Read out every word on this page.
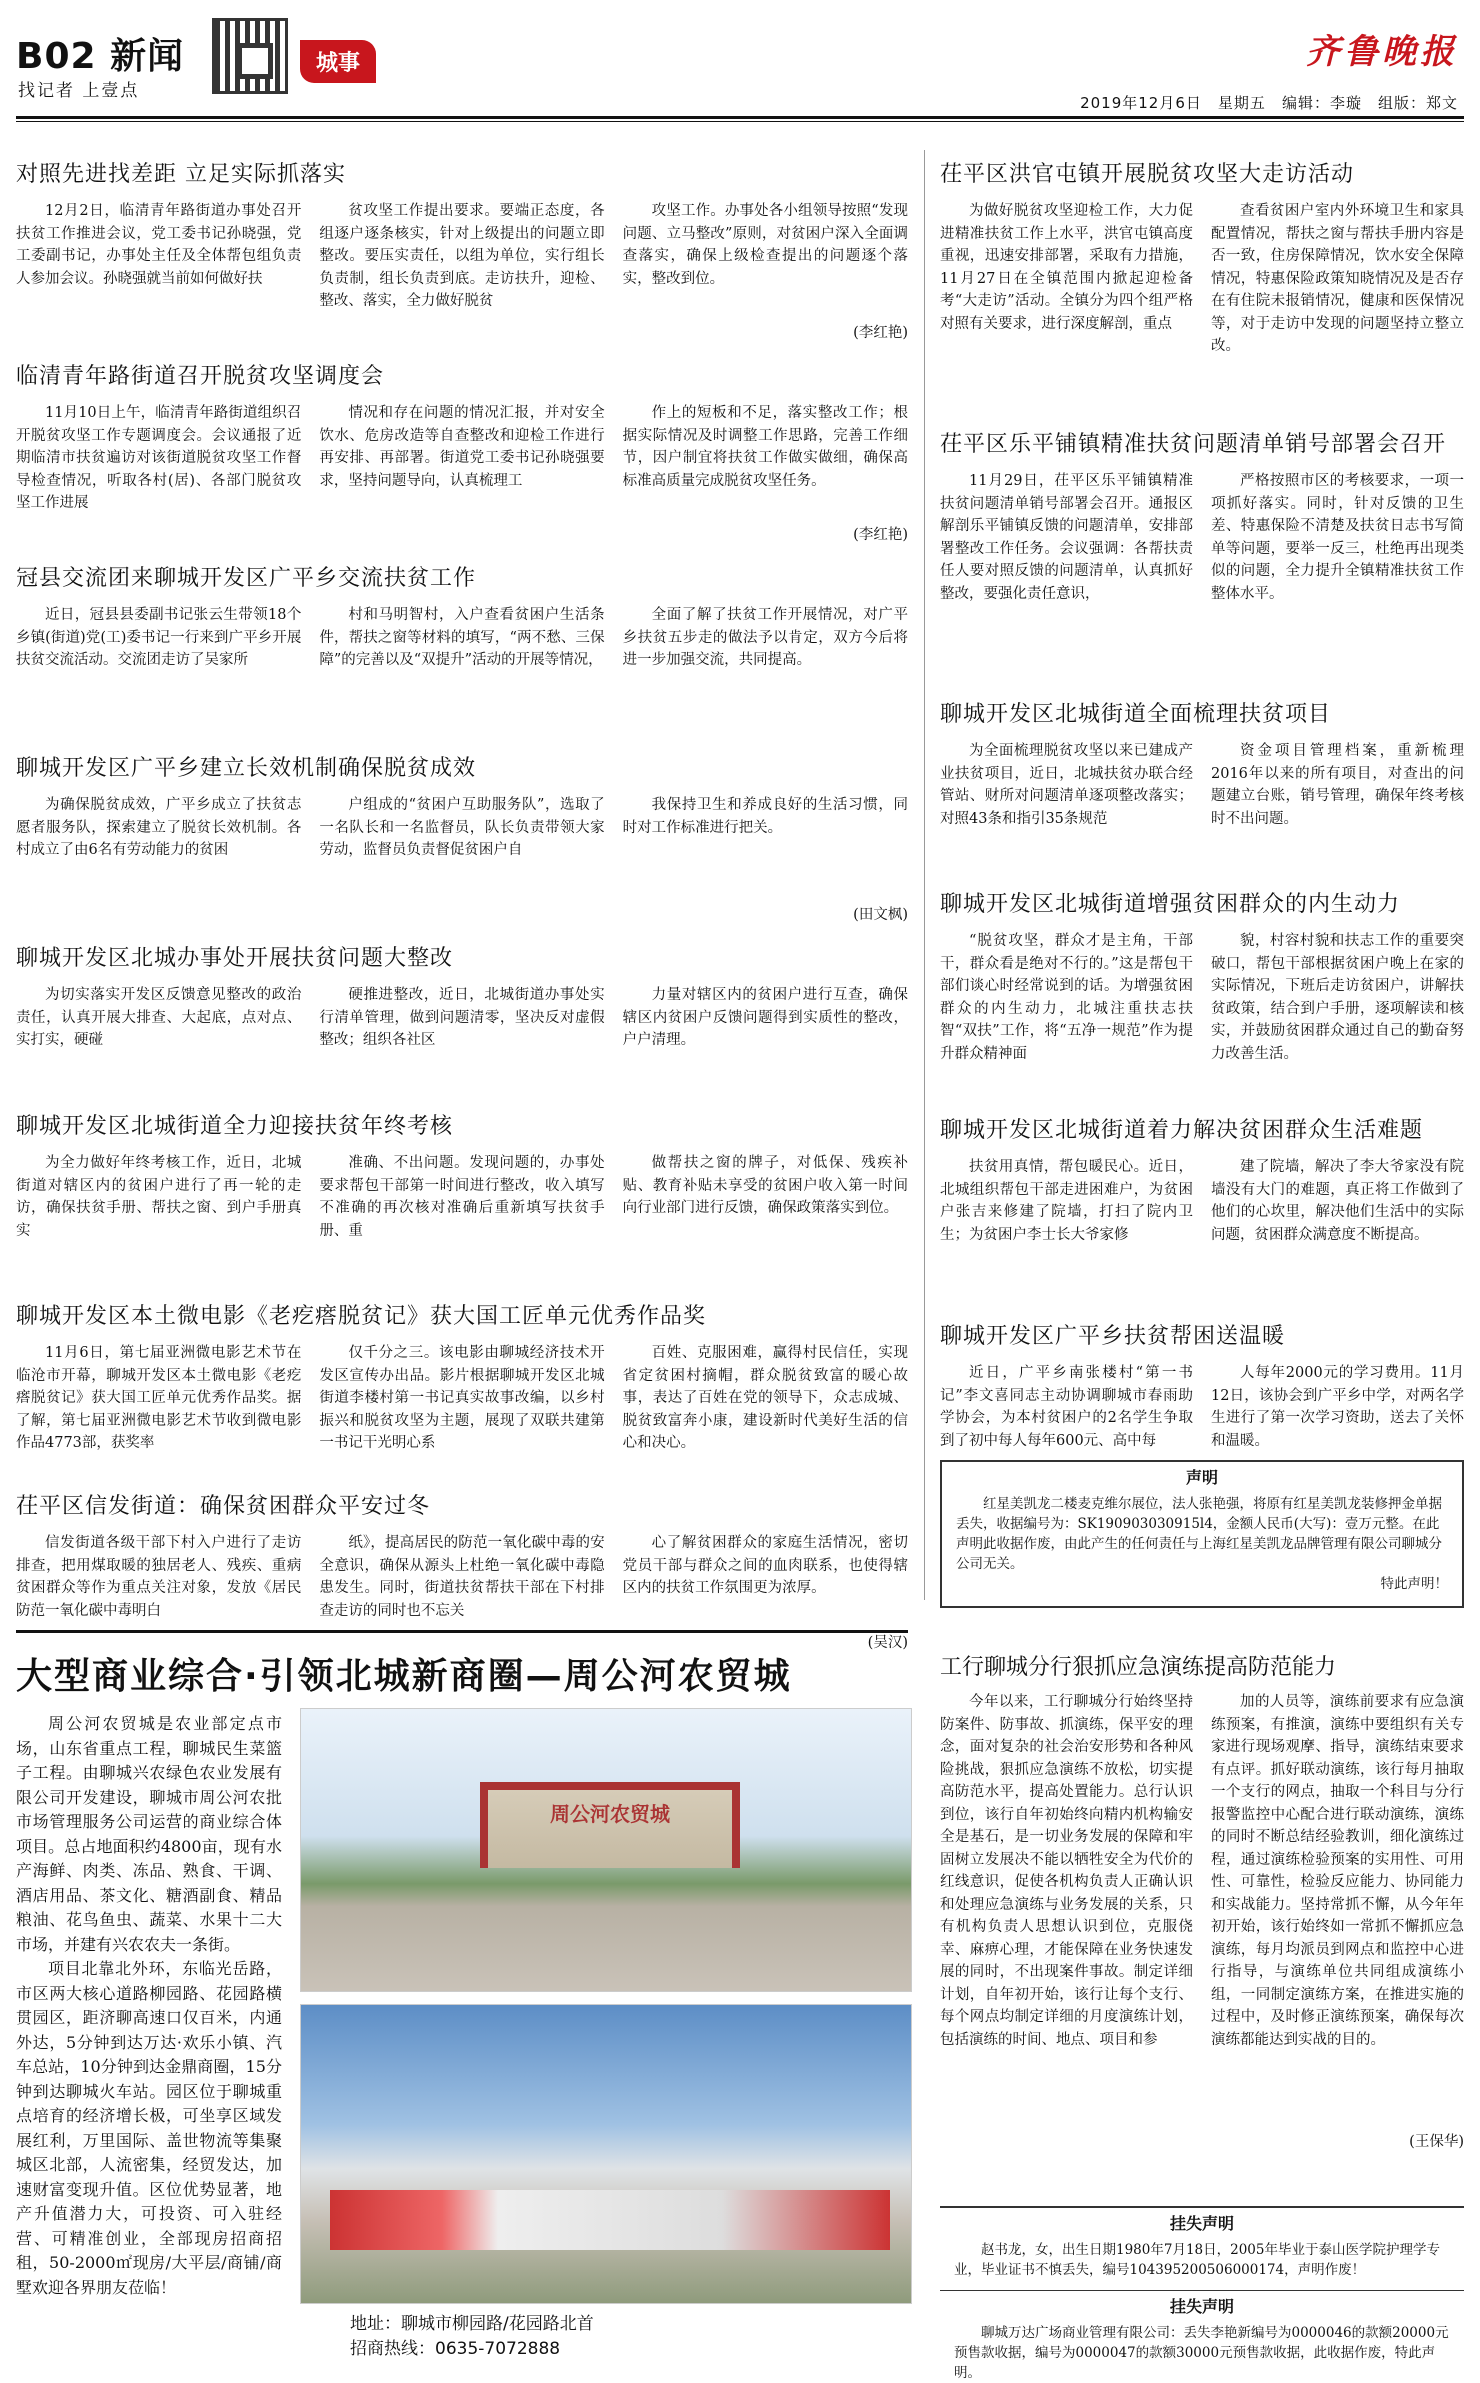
B02 新闻
找记者 上壹点
城事	齐鲁晚报
2019年12月6日　 星期五　 编辑：李璇　 组版：郑文
对照先进找差距 立足实际抓落实

12月2日，临清青年路街道办事处召开扶贫工作推进会议，党工委书记孙晓强，党工委副书记，办事处主任及全体帮包组负责人参加会议。孙晓强就当前如何做好扶

贫攻坚工作提出要求。要端正态度，各组逐户逐条核实，针对上级提出的问题立即整改。要压实责任，以组为单位，实行组长负责制，组长负责到底。走访扶升，迎检、整改、落实，全力做好脱贫

攻坚工作。办事处各小组领导按照“发现问题、立马整改”原则，对贫困户深入全面调查落实，确保上级检查提出的问题逐个落实，整改到位。

(李红艳)
临清青年路街道召开脱贫攻坚调度会

11月10日上午，临清青年路街道组织召开脱贫攻坚工作专题调度会。会议通报了近期临清市扶贫遍访对该街道脱贫攻坚工作督导检查情况，听取各村(居)、各部门脱贫攻坚工作进展

情况和存在问题的情况汇报，并对安全饮水、危房改造等自查整改和迎检工作进行再安排、再部署。街道党工委书记孙晓强要求，坚持问题导向，认真梳理工

作上的短板和不足，落实整改工作；根据实际情况及时调整工作思路，完善工作细节，因户制宜将扶贫工作做实做细，确保高标准高质量完成脱贫攻坚任务。

(李红艳)
冠县交流团来聊城开发区广平乡交流扶贫工作

近日，冠县县委副书记张云生带领18个乡镇(街道)党(工)委书记一行来到广平乡开展扶贫交流活动。交流团走访了吴家所

村和马明智村，入户查看贫困户生活条件，帮扶之窗等材料的填写，“两不愁、三保障”的完善以及“双提升”活动的开展等情况，

全面了解了扶贫工作开展情况，对广平乡扶贫五步走的做法予以肯定，双方今后将进一步加强交流，共同提高。

聊城开发区广平乡建立长效机制确保脱贫成效

为确保脱贫成效，广平乡成立了扶贫志愿者服务队，探索建立了脱贫长效机制。各村成立了由6名有劳动能力的贫困

户组成的“贫困户互助服务队”，选取了一名队长和一名监督员，队长负责带领大家劳动，监督员负责督促贫困户自

我保持卫生和养成良好的生活习惯，同时对工作标准进行把关。

(田文枫)
聊城开发区北城办事处开展扶贫问题大整改

为切实落实开发区反馈意见整改的政治责任，认真开展大排查、大起底，点对点、实打实，硬碰

硬推进整改，近日，北城街道办事处实行清单管理，做到问题清零，坚决反对虚假整改；组织各社区

力量对辖区内的贫困户进行互查，确保辖区内贫困户反馈问题得到实质性的整改，户户清理。

聊城开发区北城街道全力迎接扶贫年终考核

为全力做好年终考核工作，近日，北城街道对辖区内的贫困户进行了再一轮的走访，确保扶贫手册、帮扶之窗、到户手册真实

准确、不出问题。发现问题的，办事处要求帮包干部第一时间进行整改，收入填写不准确的再次核对准确后重新填写扶贫手册、重

做帮扶之窗的牌子，对低保、残疾补贴、教育补贴未享受的贫困户收入第一时间向行业部门进行反馈，确保政策落实到位。

聊城开发区本土微电影《老疙瘩脱贫记》获大国工匠单元优秀作品奖

11月6日，第七届亚洲微电影艺术节在临沧市开幕，聊城开发区本土微电影《老疙瘩脱贫记》获大国工匠单元优秀作品奖。据了解，第七届亚洲微电影艺术节收到微电影作品4773部，获奖率

仅千分之三。该电影由聊城经济技术开发区宣传办出品。影片根据聊城开发区北城街道李楼村第一书记真实故事改编，以乡村振兴和脱贫攻坚为主题，展现了双联共建第一书记干光明心系

百姓、克服困难，赢得村民信任，实现省定贫困村摘帽，群众脱贫致富的暖心故事，表达了百姓在党的领导下，众志成城、脱贫致富奔小康，建设新时代美好生活的信心和决心。

茌平区信发街道：确保贫困群众平安过冬

信发街道各级干部下村入户进行了走访排查，把用煤取暖的独居老人、残疾、重病贫困群众等作为重点关注对象，发放《居民防范一氧化碳中毒明白

纸》，提高居民的防范一氧化碳中毒的安全意识，确保从源头上杜绝一氧化碳中毒隐患发生。同时，街道扶贫帮扶干部在下村排查走访的同时也不忘关

心了解贫困群众的家庭生活情况，密切党员干部与群众之间的血肉联系，也使得辖区内的扶贫工作氛围更为浓厚。

(吴汉)
茌平区洪官屯镇开展脱贫攻坚大走访活动

为做好脱贫攻坚迎检工作，大力促进精准扶贫工作上水平，洪官屯镇高度重视，迅速安排部署，采取有力措施，11月27日在全镇范围内掀起迎检备考“大走访”活动。全镇分为四个组严格对照有关要求，进行深度解剖，重点

查看贫困户室内外环境卫生和家具配置情况，帮扶之窗与帮扶手册内容是否一致，住房保障情况，饮水安全保障情况，特惠保险政策知晓情况及是否存在有住院未报销情况，健康和医保情况等，对于走访中发现的问题坚持立整立改。

茌平区乐平铺镇精准扶贫问题清单销号部署会召开

11月29日，茌平区乐平铺镇精准扶贫问题清单销号部署会召开。通报区解剖乐平铺镇反馈的问题清单，安排部署整改工作任务。会议强调：各帮扶责任人要对照反馈的问题清单，认真抓好整改，要强化责任意识，

严格按照市区的考核要求，一项一项抓好落实。同时，针对反馈的卫生差、特惠保险不清楚及扶贫日志书写简单等问题，要举一反三，杜绝再出现类似的问题，全力提升全镇精准扶贫工作整体水平。

聊城开发区北城街道全面梳理扶贫项目

为全面梳理脱贫攻坚以来已建成产业扶贫项目，近日，北城扶贫办联合经管站、财所对问题清单逐项整改落实；对照43条和指引35条规范

资金项目管理档案，重新梳理2016年以来的所有项目，对查出的问题建立台账，销号管理，确保年终考核时不出问题。

聊城开发区北城街道增强贫困群众的内生动力

“脱贫攻坚，群众才是主角，干部干，群众看是绝对不行的。”这是帮包干部们谈心时经常说到的话。为增强贫困群众的内生动力，北城注重扶志扶智“双扶”工作，将“五净一规范”作为提升群众精神面

貌，村容村貌和扶志工作的重要突破口，帮包干部根据贫困户晚上在家的实际情况，下班后走访贫困户，讲解扶贫政策，结合到户手册，逐项解读和核实，并鼓励贫困群众通过自己的勤奋努力改善生活。

聊城开发区北城街道着力解决贫困群众生活难题

扶贫用真情，帮包暖民心。近日，北城组织帮包干部走进困难户，为贫困户张吉来修建了院墙，打扫了院内卫生；为贫困户李士长大爷家修

建了院墙，解决了李大爷家没有院墙没有大门的难题，真正将工作做到了他们的心坎里，解决他们生活中的实际问题，贫困群众满意度不断提高。

聊城开发区广平乡扶贫帮困送温暖

近日，广平乡南张楼村“第一书记”李文喜同志主动协调聊城市春雨助学协会，为本村贫困户的2名学生争取到了初中每人每年600元、高中每

人每年2000元的学习费用。11月12日，该协会到广平乡中学，对两名学生进行了第一次学习资助，送去了关怀和温暖。

声明
红星美凯龙二楼麦克维尔展位，法人张艳强，将原有红星美凯龙装修押金单据丢失，收据编号为：SK190903030915l4，金额人民币(大写)：壹万元整。在此声明此收据作废，由此产生的任何责任与上海红星美凯龙品牌管理有限公司聊城分公司无关。
特此声明！
大型商业综合·引领北城新商圈—周公河农贸城

周公河农贸城是农业部定点市场，山东省重点工程，聊城民生菜篮子工程。由聊城兴农绿色农业发展有限公司开发建设，聊城市周公河农批市场管理服务公司运营的商业综合体项目。总占地面积约4800亩，现有水产海鲜、肉类、冻品、熟食、干调、酒店用品、茶文化、糖酒副食、精品粮油、花鸟鱼虫、蔬菜、水果十二大市场，并建有兴农农夫一条街。

项目北靠北外环，东临光岳路，市区两大核心道路柳园路、花园路横贯园区，距济聊高速口仅百米，内通外达，5分钟到达万达·欢乐小镇、汽车总站，10分钟到达金鼎商圈，15分钟到达聊城火车站。园区位于聊城重点培育的经济增长极，可坐享区域发展红利，万里国际、盖世物流等集聚城区北部，人流密集，经贸发达，加速财富变现升值。区位优势显著，地产升值潜力大，可投资、可入驻经营、可精准创业，全部现房招商招租，50-2000㎡现房/大平层/商铺/商墅欢迎各界朋友莅临！

周公河农贸城
地址：聊城市柳园路/花园路北首
招商热线：0635-7072888
工行聊城分行狠抓应急演练提高防范能力

今年以来，工行聊城分行始终坚持防案件、防事故、抓演练，保平安的理念，面对复杂的社会治安形势和各种风险挑战，狠抓应急演练不放松，切实提高防范水平，提高处置能力。总行认识到位，该行自年初始终向精内机构输安全是基石，是一切业务发展的保障和牢固树立发展决不能以牺牲安全为代价的红线意识，促使各机构负责人正确认识和处理应急演练与业务发展的关系，只有机构负责人思想认识到位，克服侥幸、麻痹心理，才能保障在业务快速发展的同时，不出现案件事故。制定详细计划，自年初开始，该行让每个支行、每个网点均制定详细的月度演练计划，包括演练的时间、地点、项目和参

加的人员等，演练前要求有应急演练预案，有推演，演练中要组织有关专家进行现场观摩、指导，演练结束要求有点评。抓好联动演练，该行每月抽取一个支行的网点，抽取一个科目与分行报警监控中心配合进行联动演练，演练的同时不断总结经验教训，细化演练过程，通过演练检验预案的实用性、可用性、可靠性，检验反应能力、协同能力和实战能力。坚持常抓不懈，从今年年初开始，该行始终如一常抓不懈抓应急演练，每月均派员到网点和监控中心进行指导，与演练单位共同组成演练小组，一同制定演练方案，在推进实施的过程中，及时修正演练预案，确保每次演练都能达到实战的目的。

(王保华)
挂失声明
赵书龙，女，出生日期1980年7月18日，2005年毕业于泰山医学院护理学专业，毕业证书不慎丢失，编号104395200506000174，声明作废！
挂失声明
聊城万达广场商业管理有限公司：丢失李艳新编号为0000046的款额20000元预售款收据，编号为0000047的款额30000元预售款收据，此收据作废，特此声明。
